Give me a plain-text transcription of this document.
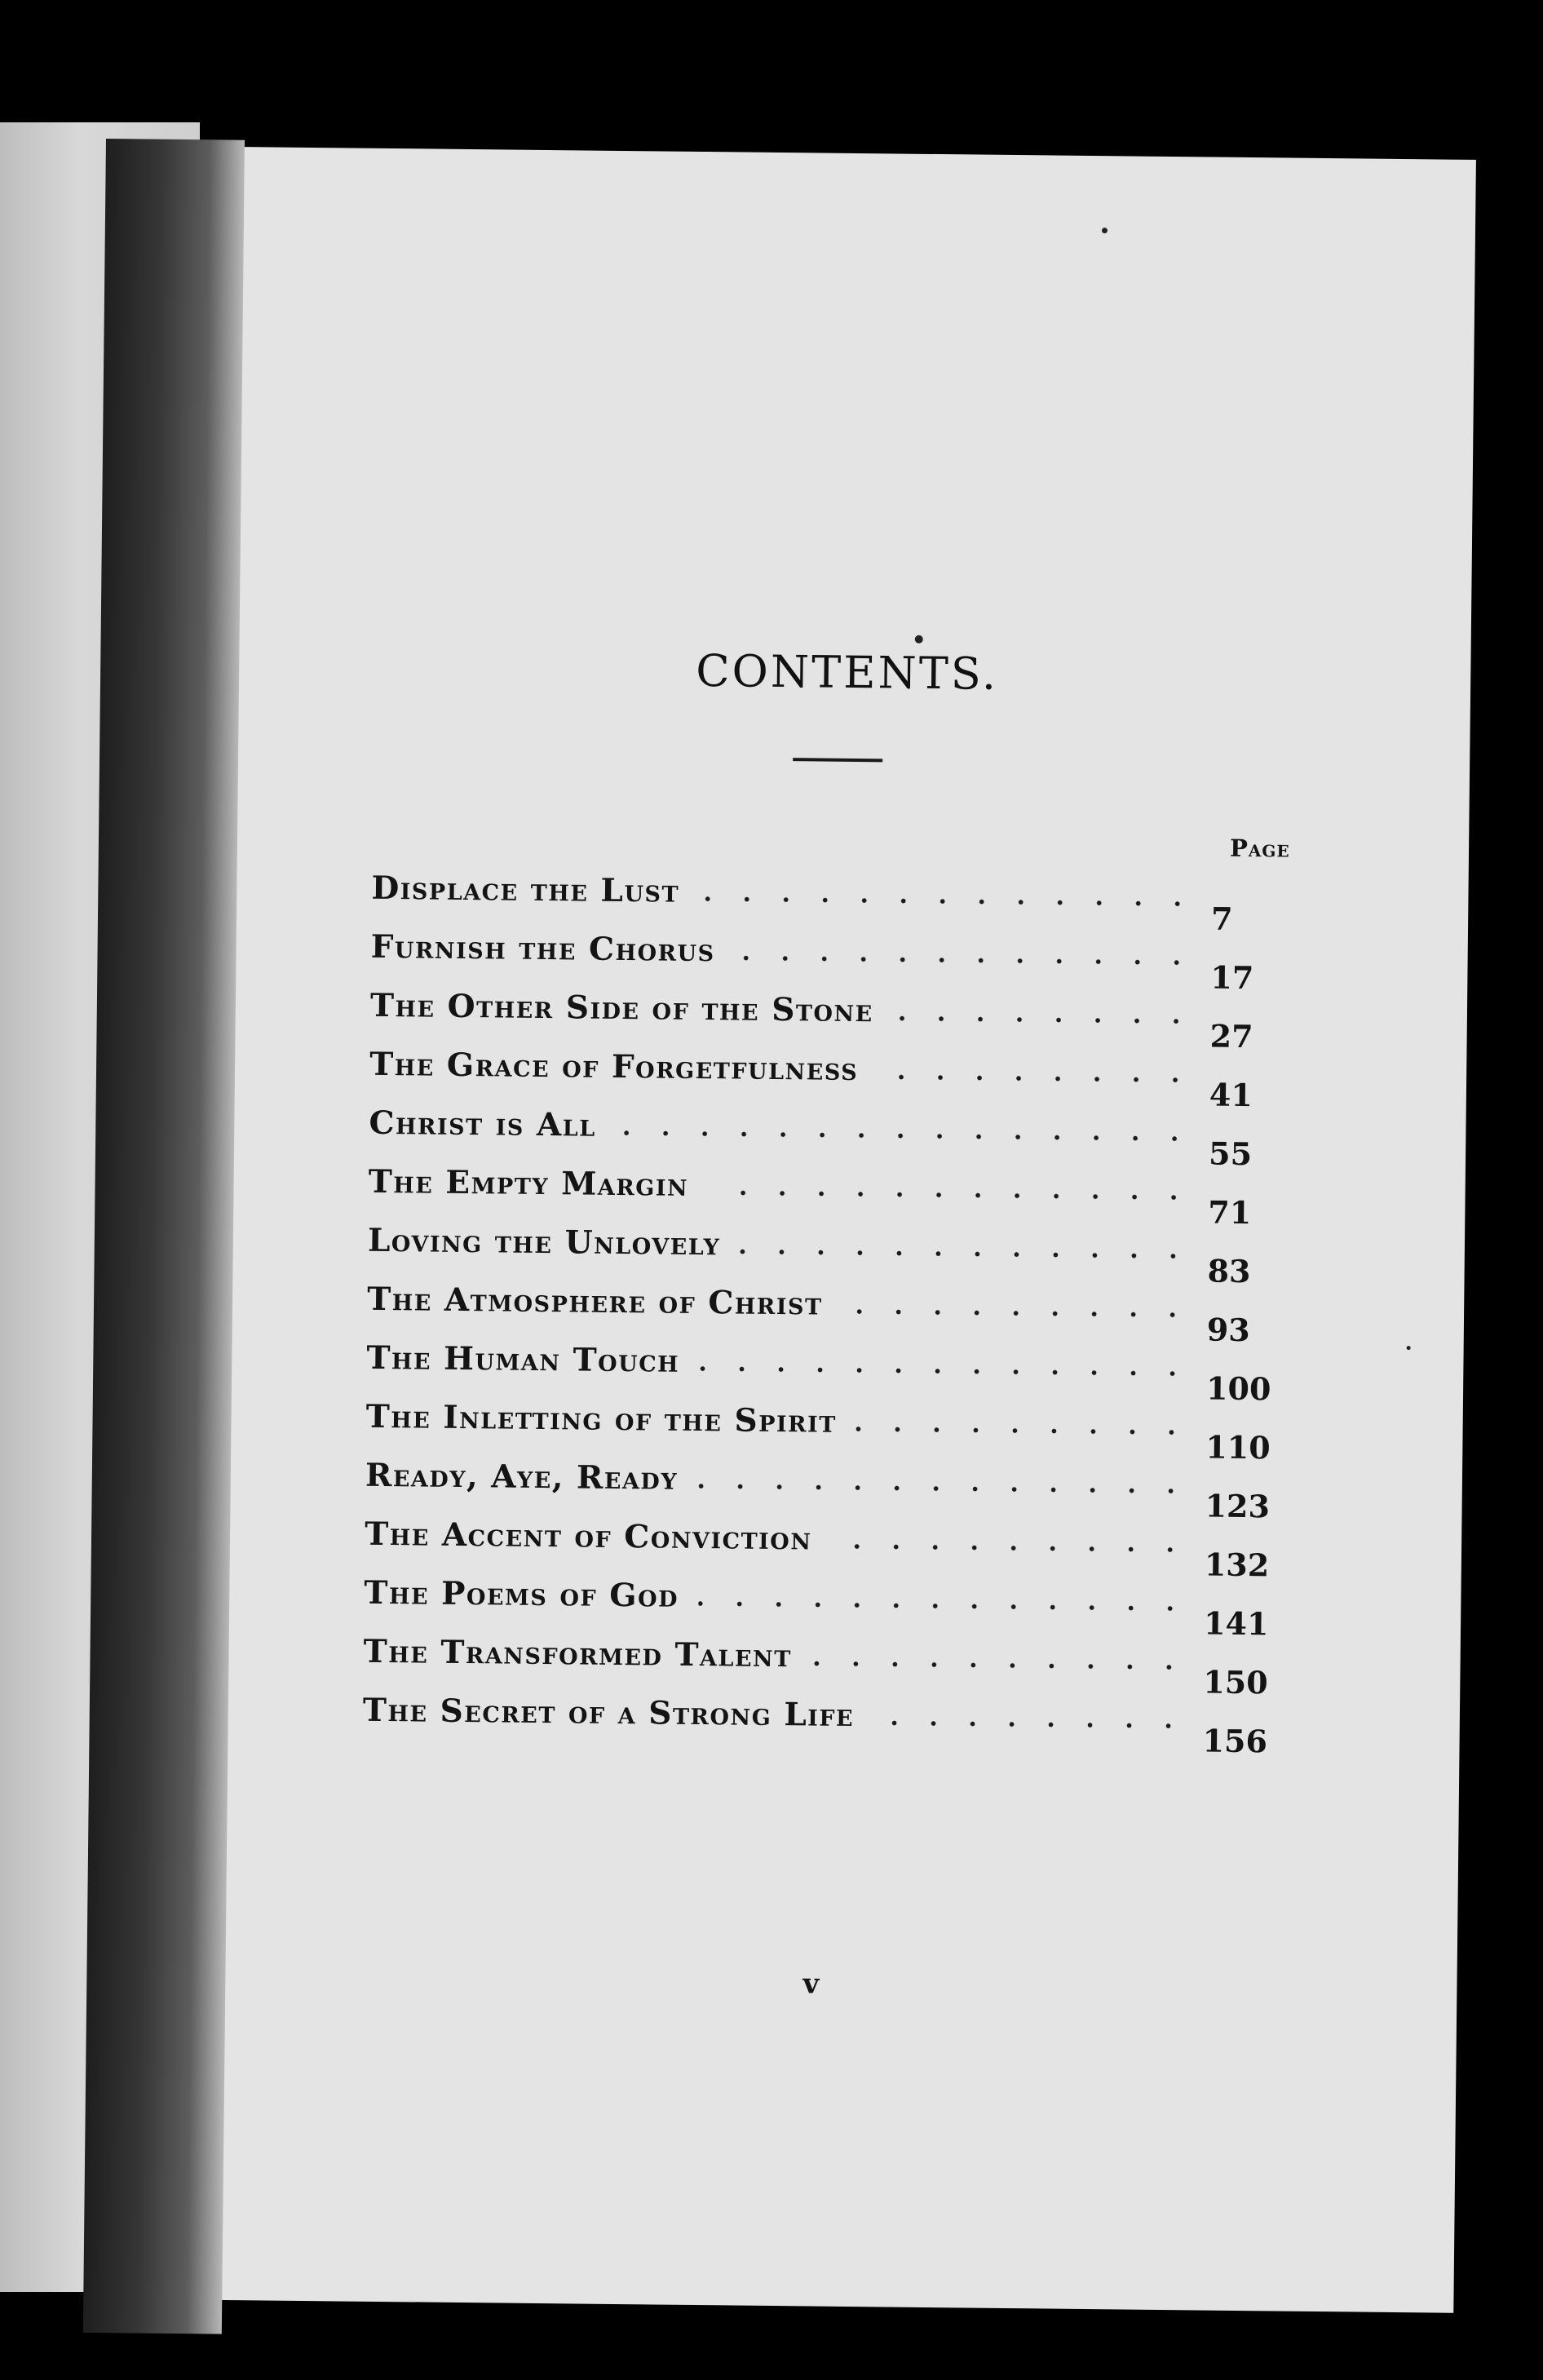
CONTENTS.
Page
Displace the Lust
7
Furnish the Chorus
17
The Other Side of the Stone
27
The Grace of Forgetfulness
41
Christ is All
55
The Empty Margin
71
Loving the Unlovely
83
The Atmosphere of Christ
93
The Human Touch
100
The Inletting of the Spirit
110
Ready, Aye, Ready
123
The Accent of Conviction
132
The Poems of God
141
The Transformed Talent
150
The Secret of a Strong Life
156
v
